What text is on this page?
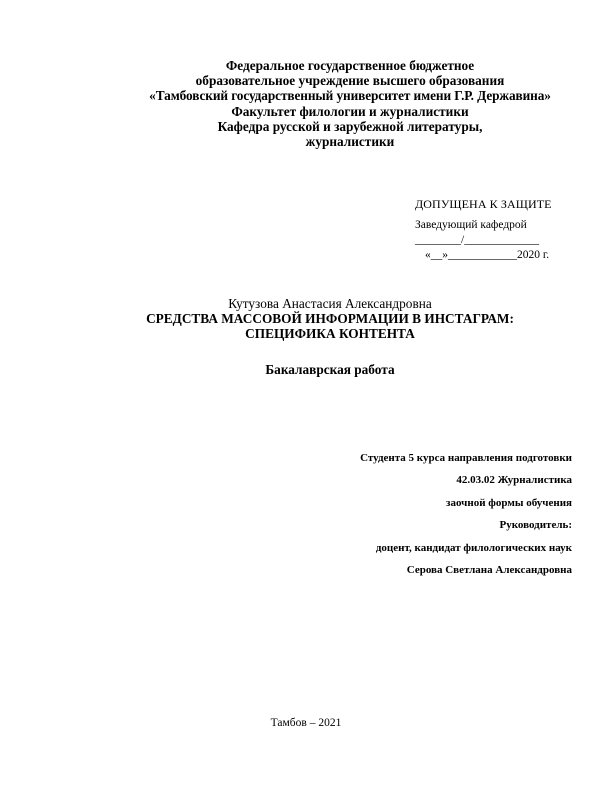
Федеральное государственное бюджетное
образовательное учреждение высшего образования
«Тамбовский государственный университет имени Г.Р. Державина»
Факультет филологии и журналистики
Кафедра русской и зарубежной литературы,
журналистики
ДОПУЩЕНА К ЗАЩИТЕ
Заведующий кафедрой
________/_____________
«__»____________2020 г.
Кутузова Анастасия Александровна
СРЕДСТВА МАССОВОЙ ИНФОРМАЦИИ В ИНСТАГРАМ:
СПЕЦИФИКА КОНТЕНТА
Бакалаврская работа
Студента 5 курса направления подготовки
42.03.02 Журналистика
заочной формы обучения
Руководитель:
доцент, кандидат филологических наук
Серова Светлана Александровна
Тамбов – 2021
